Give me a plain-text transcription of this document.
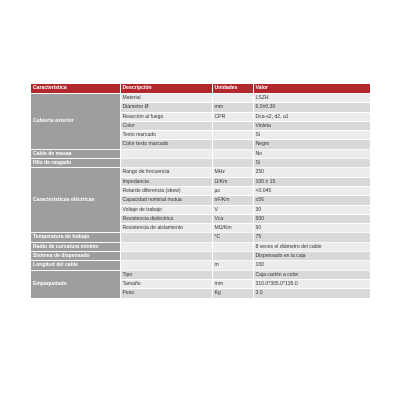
Característica	Descripción	Unidades	Valor
Cubierta exterior	Material		LSZH
	Diámetro Ø	mm	6.0±0.30
	Reacción al fuego	CPR	Dca-s2, d2, a1
	Color		Violeta
	Texto marcado		Si
	Color texto marcado		Negro
Cable de masaa			No
Hilo de rasgado			Si
Características eléctricas	Rango de frecuencia	MHz	250
	Impedancia	Ω/Km	100 ± 15
	Retardo diferencia (skew)	µs	<0.045
	Capacidad nominal mutua	nF/Km	≤56
	Voltaje de trabajo	V	30
	Resistencia dieléctrica	Vca	500
	Resistencia de aislamiento	MΩ/Km	90
Temperatura de trabajo		°C	75
Radio de curvatura mínimo			8 veces el diámetro del cable
Sistema de dispensado			Dispensado en la caja
Longitud del cable		m	100
Empaquetado	Tipo		Caja cartón a color
	Tamaño	mm	310.0*305.0*135.0
	Peso	Kg	3.0
